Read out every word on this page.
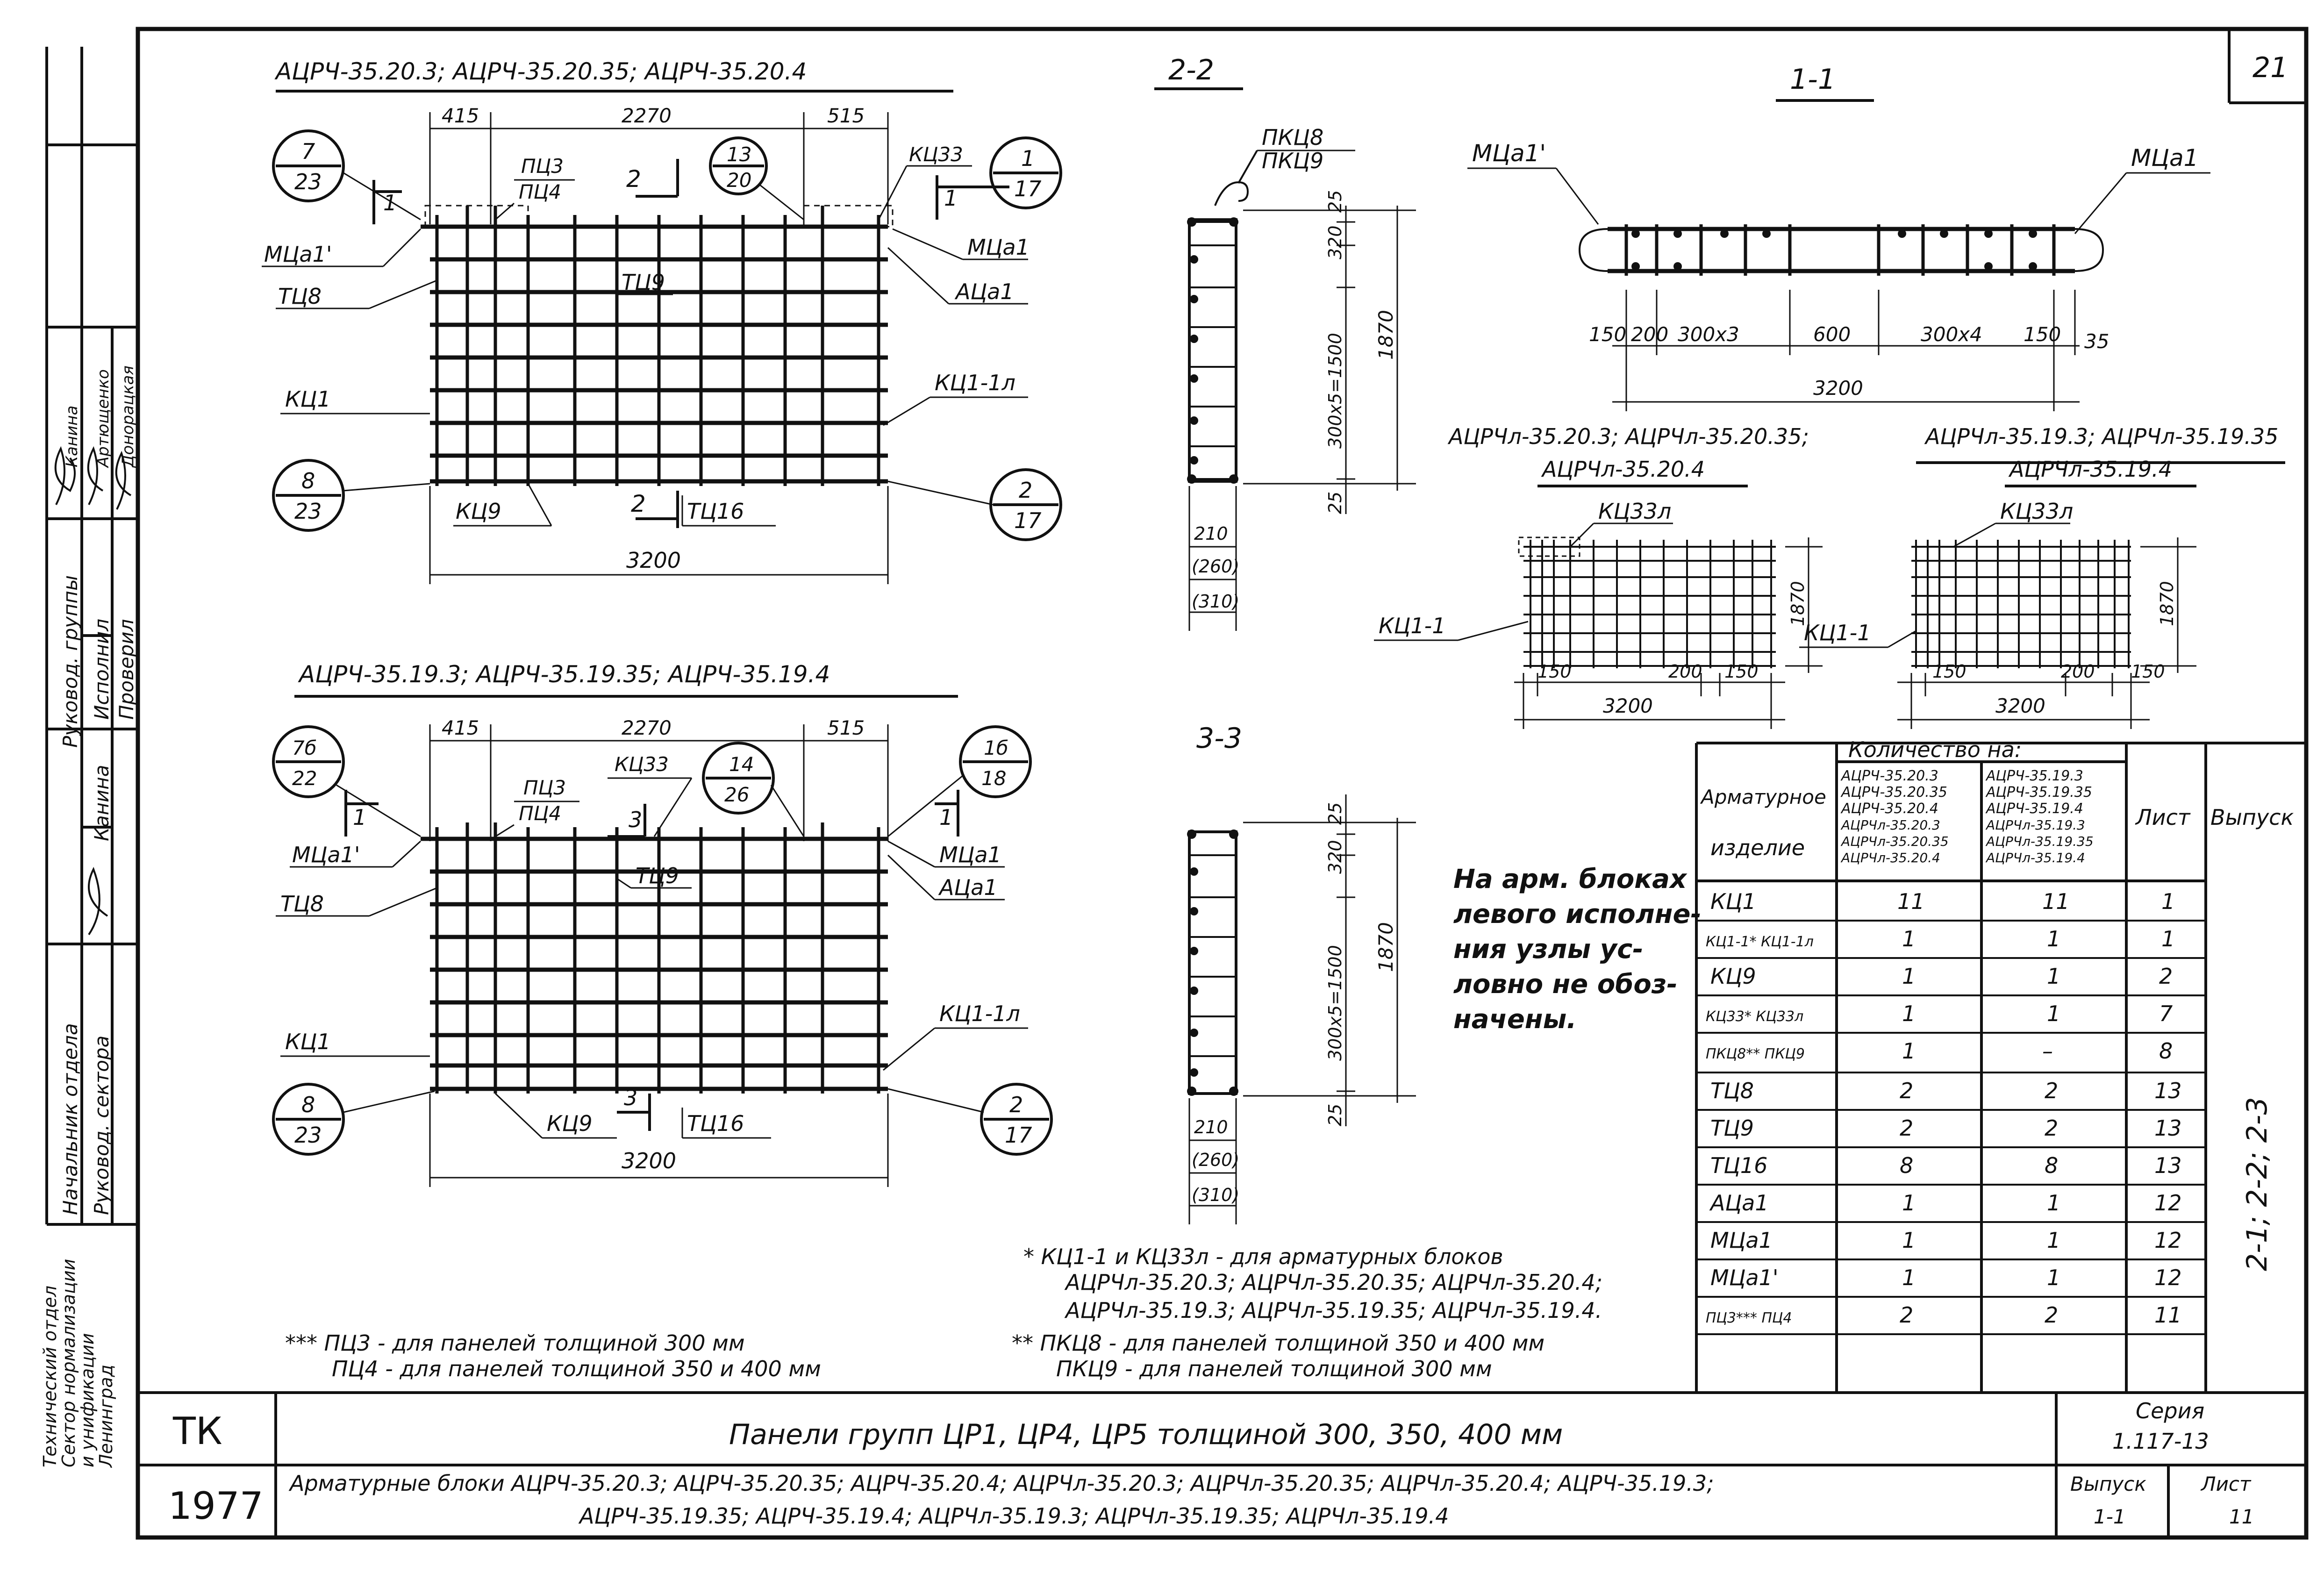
21
Начальник отдела Руковод. сектора
Руковод. группы Исполнил Проверил
Канина
Артющенко Донорацкая
Канина
Технический отдел
Сектор нормализации
и унификации
Ленинград
АЦРЧ-35.20.3; АЦРЧ-35.20.35; АЦРЧ-35.20.4
415	2270	515
3200
ПЦ3
ПЦ4
КЦ33
МЦа1'	МЦа1
ТЦ8
ТЦ9	АЦа1
КЦ1
КЦ1-1л
КЦ9	ТЦ16
1
2
2
1
7
23
13
20
1
17
8
23
2
17
АЦРЧ-35.19.3; АЦРЧ-35.19.35; АЦРЧ-35.19.4
415	2270	515
3200
ПЦ3
ПЦ4
КЦ33
МЦа1'	МЦа1
ТЦ8
ТЦ9	АЦа1
КЦ1
КЦ1-1л
КЦ9	ТЦ16
1	3
3
1
7б
22
14
26
1б
18
8
23
2
17
2-2
ПКЦ8
ПКЦ9
25
320
300x5=1500 1870
25
210
(260)
(310)
3-3
25
320
300x5=1500 1870
25
210
(260)
(310)
1-1
МЦа1'	МЦа1
150 200 300x3	600	300x4 150 35
3200
АЦРЧл-35.20.3; АЦРЧл-35.20.35;
АЦРЧл-35.20.4
КЦ33л
КЦ1-1
150	200 150
3200
1870
АЦРЧл-35.19.3; АЦРЧл-35.19.35
АЦРЧл-35.19.4
КЦ33л
КЦ1-1
150	200 150
3200
1870
На арм. блоках
левого исполне-
ния узлы ус-
ловно не обоз-
начены.
* КЦ1-1 и КЦ33л - для арматурных блоков
АЦРЧл-35.20.3; АЦРЧл-35.20.35; АЦРЧл-35.20.4;
АЦРЧл-35.19.3; АЦРЧл-35.19.35; АЦРЧл-35.19.4.
** ПКЦ8 - для панелей толщиной 350 и 400 мм
ПКЦ9 - для панелей толщиной 300 мм
*** ПЦ3 - для панелей толщиной 300 мм
ПЦ4 - для панелей толщиной 350 и 400 мм
Арматурное
изделие
Количество на:
АЦРЧ-35.20.3
АЦРЧ-35.20.35
АЦРЧ-35.20.4
АЦРЧл-35.20.3
АЦРЧл-35.20.35
АЦРЧл-35.20.4
АЦРЧ-35.19.3
АЦРЧ-35.19.35
АЦРЧ-35.19.4
АЦРЧл-35.19.3
АЦРЧл-35.19.35
АЦРЧл-35.19.4
Лист Выпуск
2-1; 2-2; 2-3
КЦ1	11	11	1
КЦ1-1* КЦ1-1л	1	1	1
КЦ9	1	1	2
КЦ33* КЦ33л	1	1	7
ПКЦ8** ПКЦ9	1	–	8
ТЦ8	2	2	13
ТЦ9	2	2	13
ТЦ16	8	8	13
АЦа1	1	1	12
МЦа1	1	1	12
МЦа1'	1	1	12
ПЦ3*** ПЦ4	2	2	11
ТК
1977
Панели групп ЦР1, ЦР4, ЦР5 толщиной 300, 350, 400 мм
Арматурные блоки АЦРЧ-35.20.3; АЦРЧ-35.20.35; АЦРЧ-35.20.4; АЦРЧл-35.20.3; АЦРЧл-35.20.35; АЦРЧл-35.20.4; АЦРЧ-35.19.3;
АЦРЧ-35.19.35; АЦРЧ-35.19.4; АЦРЧл-35.19.3; АЦРЧл-35.19.35; АЦРЧл-35.19.4
Серия
1.117-13
Выпуск
1-1
Лист
11
